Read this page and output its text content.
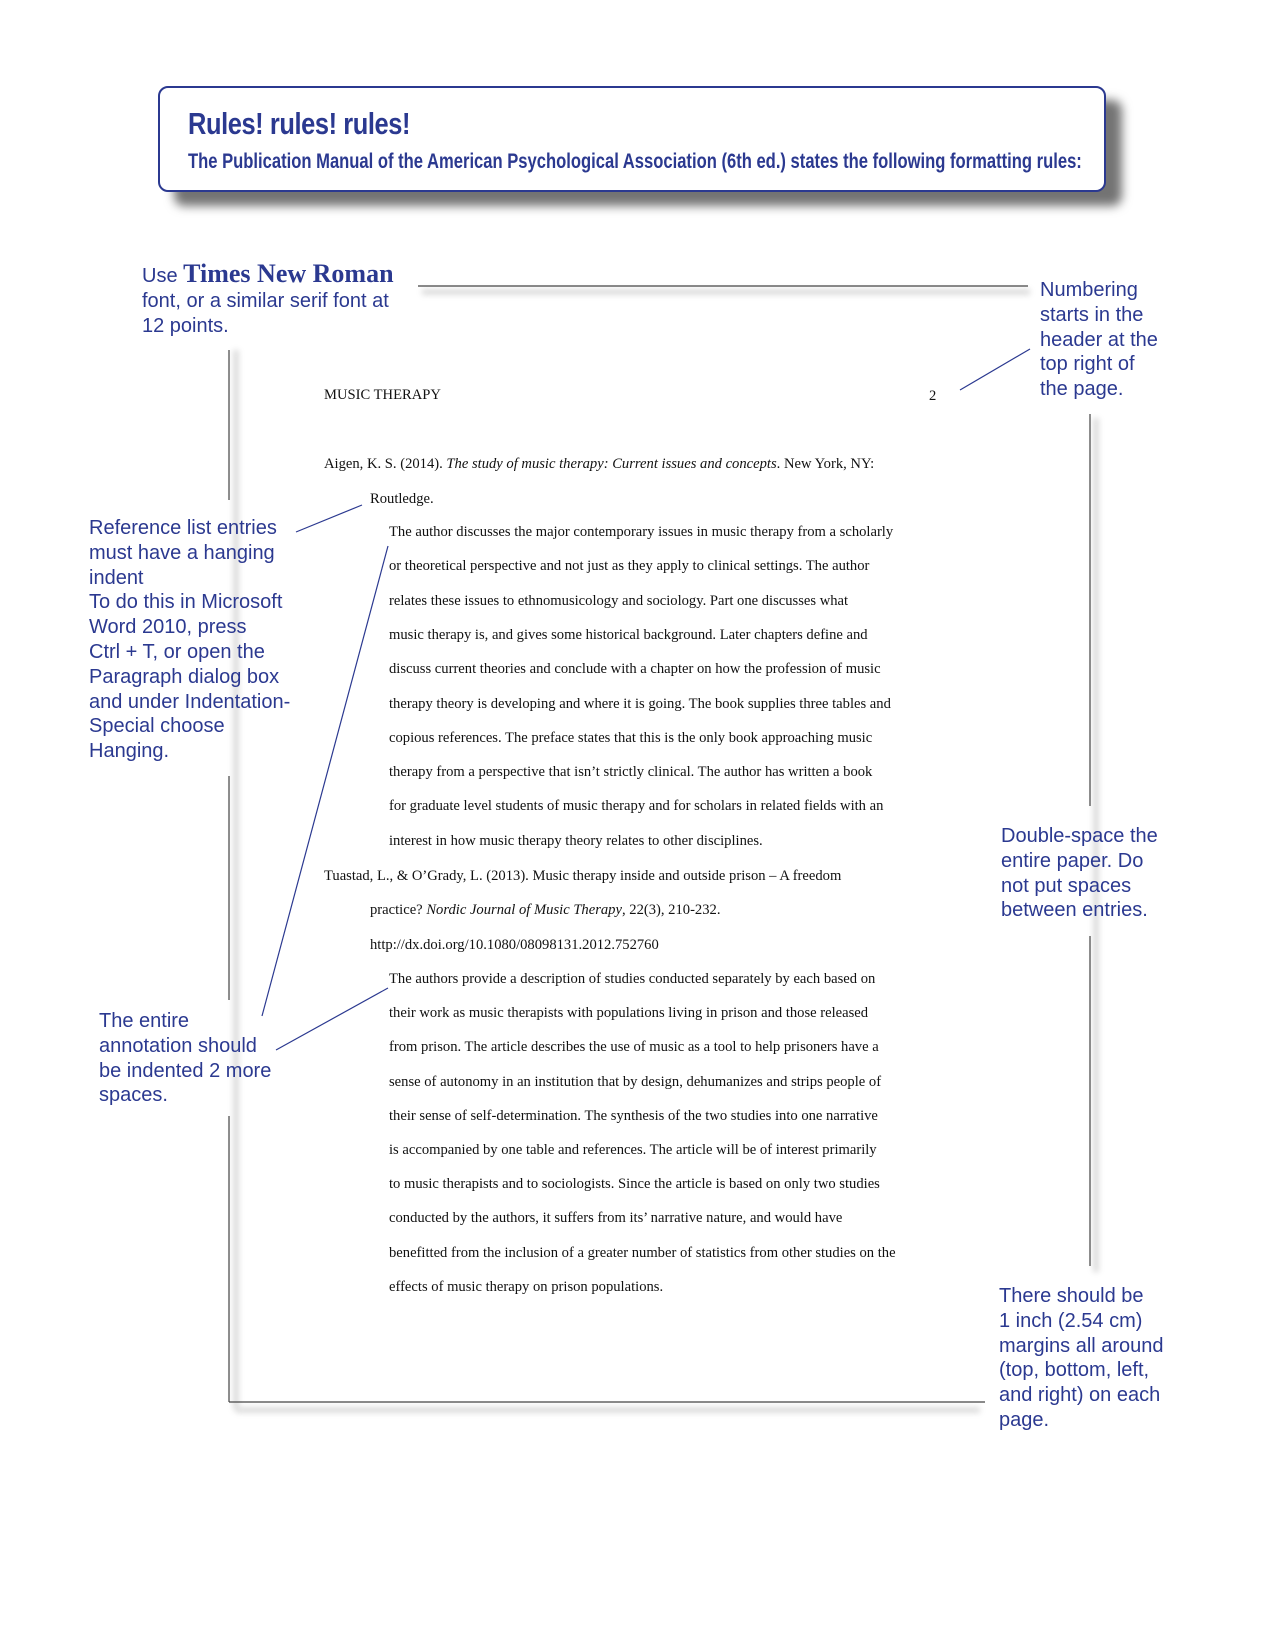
Rules! rules! rules!
The Publication Manual of the American Psychological Association (6th ed.) states the following formatting rules:
Use Times New Roman
font, or a similar serif font at
12 points.
Numbering
starts in the
header at the
top right of
the page.
Reference list entries
must have a hanging
indent
To do this in Microsoft
Word 2010, press
Ctrl + T, or open the
Paragraph dialog box
and under Indentation-
Special choose
Hanging.
Double-space the
entire paper. Do
not put spaces
between entries.
The entire
annotation should
be indented 2 more
spaces.
There should be
1 inch (2.54 cm)
margins all around
(top, bottom, left,
and right) on each
page.
MUSIC THERAPY	2
Aigen, K. S. (2014). The study of music therapy: Current issues and concepts. New York, NY:
Routledge.
The author discusses the major contemporary issues in music therapy from a scholarly
or theoretical perspective and not just as they apply to clinical settings. The author
relates these issues to ethnomusicology and sociology. Part one discusses what
music therapy is, and gives some historical background. Later chapters define and
discuss current theories and conclude with a chapter on how the profession of music
therapy theory is developing and where it is going. The book supplies three tables and
copious references. The preface states that this is the only book approaching music
therapy from a perspective that isn’t strictly clinical. The author has written a book
for graduate level students of music therapy and for scholars in related fields with an
interest in how music therapy theory relates to other disciplines.
Tuastad, L., & O’Grady, L. (2013). Music therapy inside and outside prison – A freedom
practice? Nordic Journal of Music Therapy, 22(3), 210-232.
http://dx.doi.org/10.1080/08098131.2012.752760
The authors provide a description of studies conducted separately by each based on
their work as music therapists with populations living in prison and those released
from prison. The article describes the use of music as a tool to help prisoners have a
sense of autonomy in an institution that by design, dehumanizes and strips people of
their sense of self-determination. The synthesis of the two studies into one narrative
is accompanied by one table and references. The article will be of interest primarily
to music therapists and to sociologists. Since the article is based on only two studies
conducted by the authors, it suffers from its’ narrative nature, and would have
benefitted from the inclusion of a greater number of statistics from other studies on the
effects of music therapy on prison populations.
